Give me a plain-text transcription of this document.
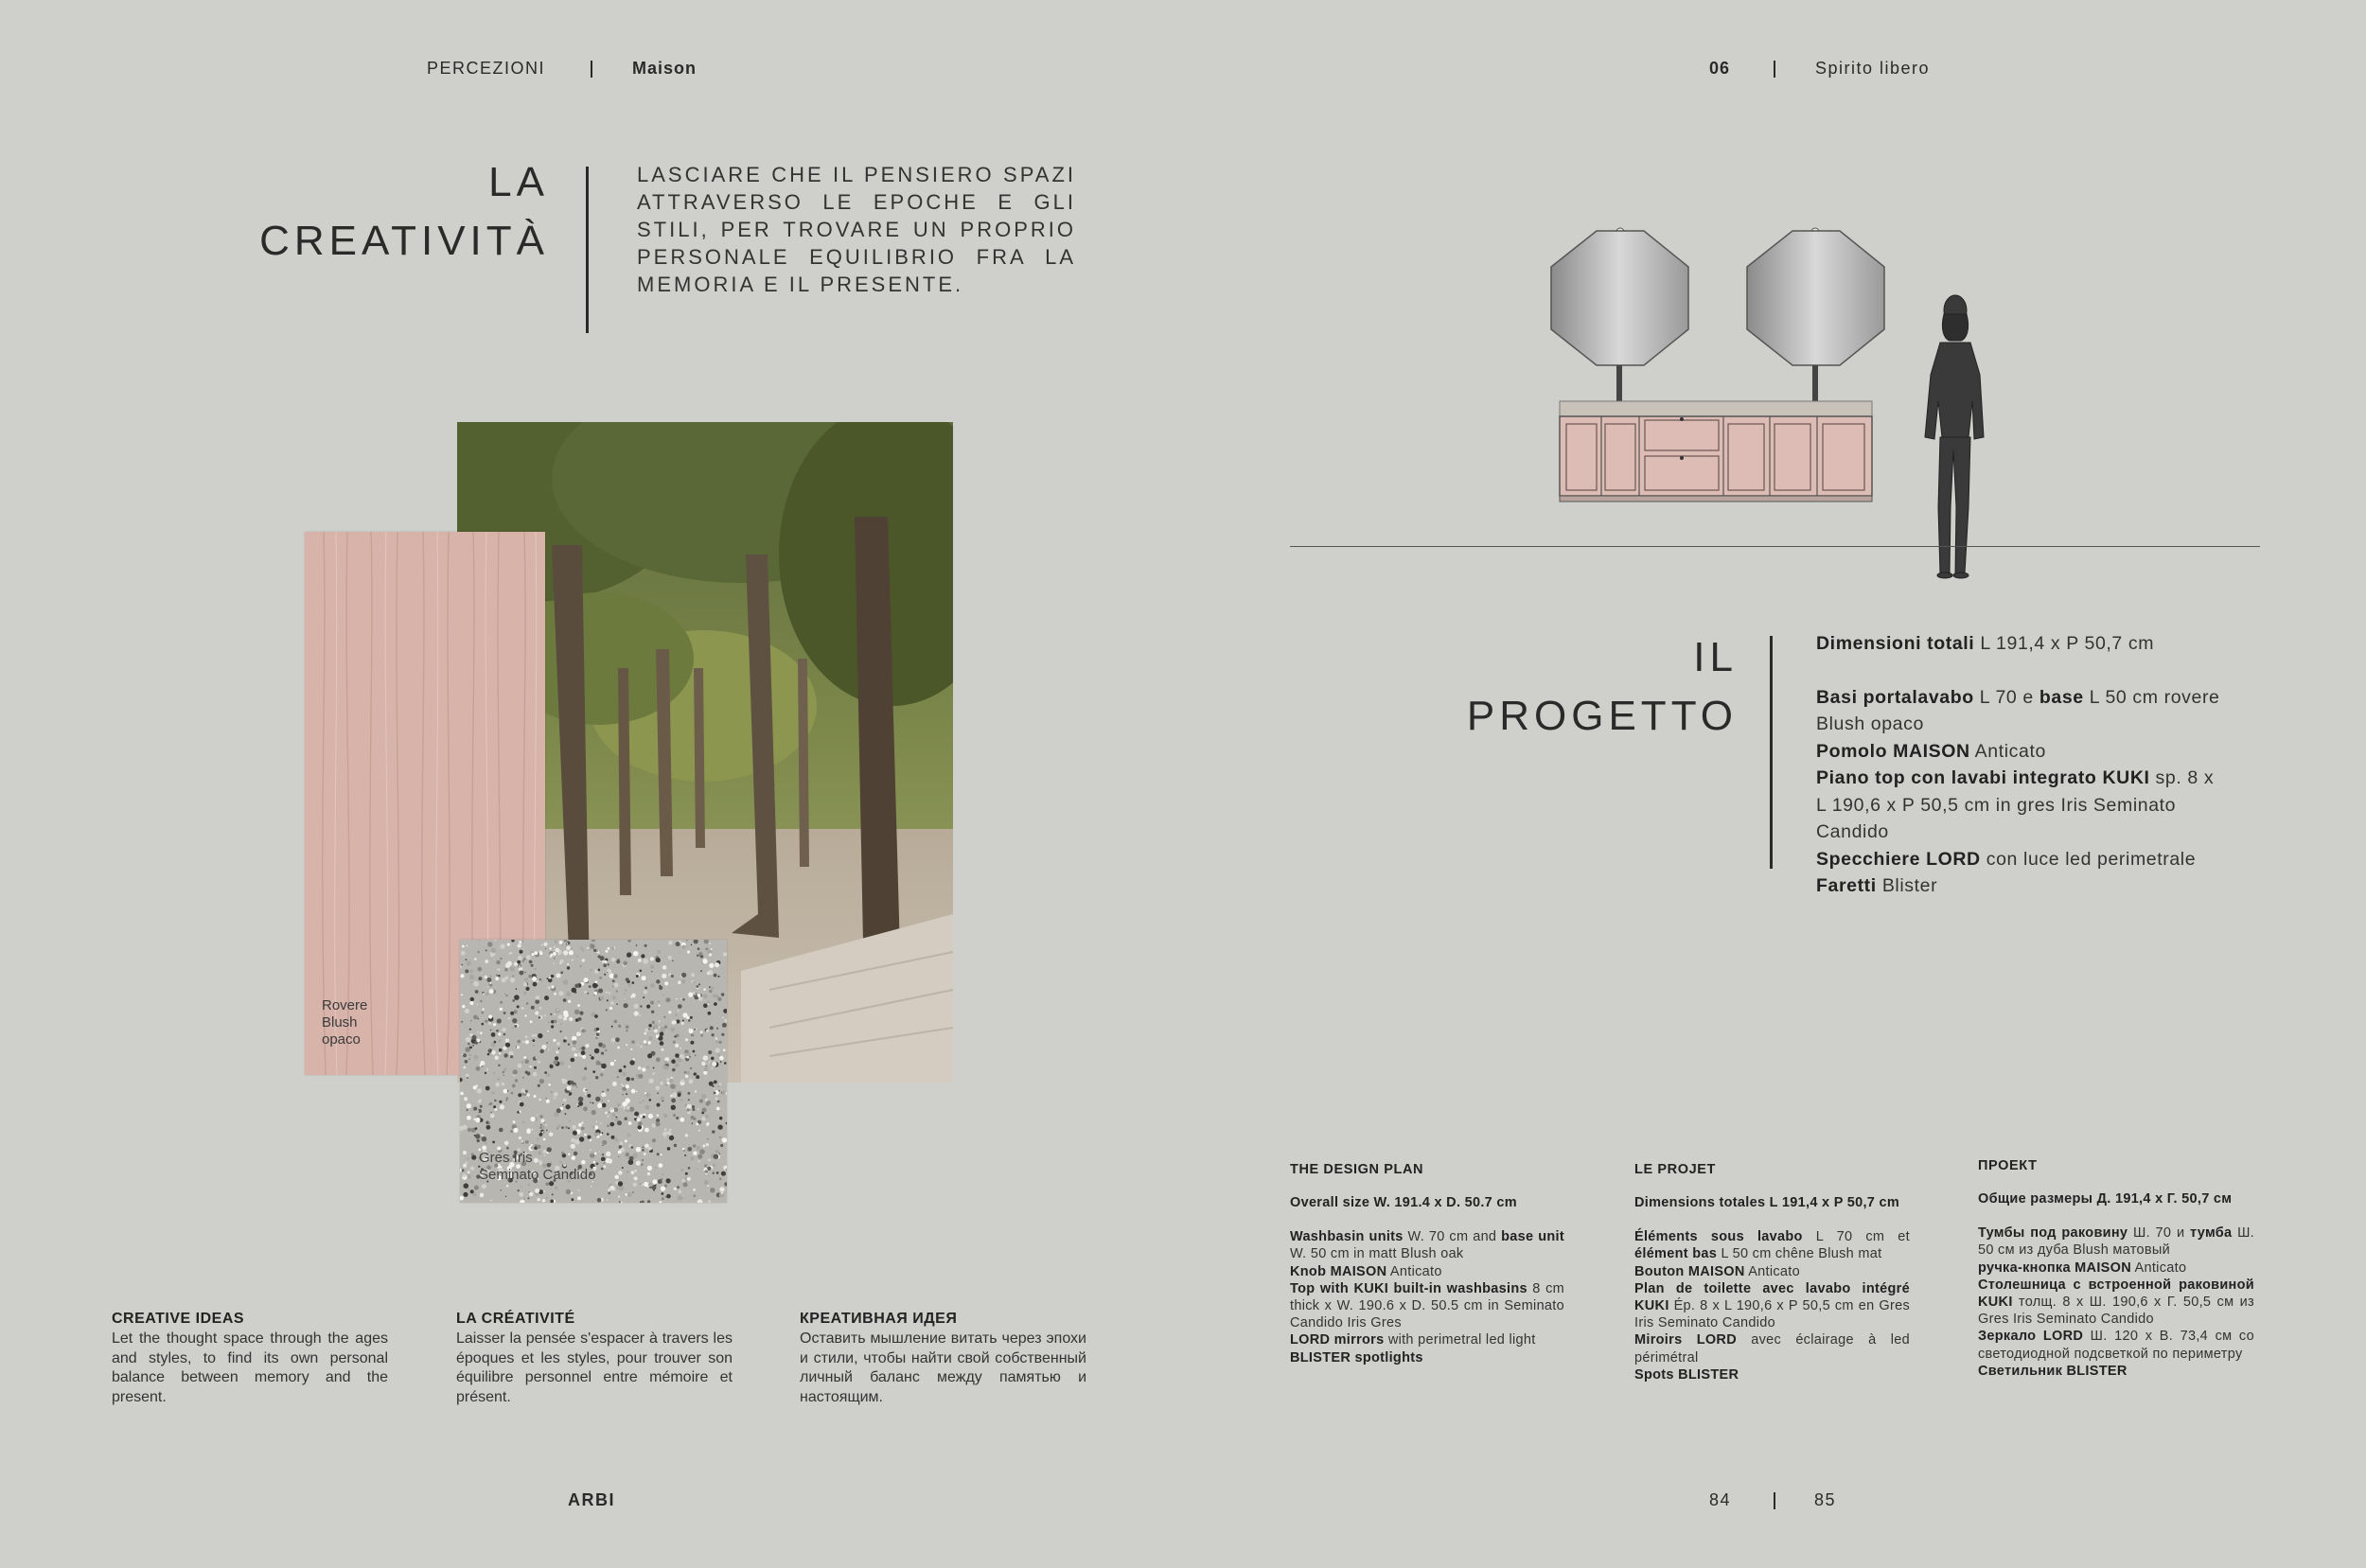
PERCEZIONI	Maison
LA
CREATIVITÀ
LASCIARE CHE IL PENSIERO SPAZI ATTRAVERSO LE EPOCHE E GLI STILI, PER TROVARE UN PROPRIO PERSONALE EQUILIBRIO FRA LA MEMORIA E IL PRESENTE.
Rovere
Blush
opaco
Gres Iris
Seminato Candido
CREATIVE IDEAS
Let the thought space through the ages and styles, to find its own personal balance between memory and the present.
LA CRÉATIVITÉ
Laisser la pensée s'espacer à travers les époques et les styles, pour trouver son équilibre personnel entre mémoire et présent.
КРЕАТИВНАЯ ИДЕЯ
Оставить мышление витать через эпохи и стили, чтобы найти свой собственный личный баланс между памятью и настоящим.
ARBI
06	Spirito libero
IL
PROGETTO

Dimensioni totali L 191,4 x P 50,7 cm

Basi portalavabo L 70 e base L 50 cm rovere Blush opaco

Pomolo MAISON Anticato

Piano top con lavabi integrato KUKI sp. 8 x L 190,6 x P 50,5 cm in gres Iris Seminato Candido

Specchiere LORD con luce led perimetrale

Faretti Blister

THE DESIGN PLAN

Overall size W. 191.4 x D. 50.7 cm

Washbasin units W. 70 cm and base unit W. 50 cm in matt Blush oak

Knob MAISON Anticato

Top with KUKI built-in washbasins 8 cm thick x W. 190.6 x D. 50.5 cm in Seminato Candido Iris Gres

LORD mirrors with perimetral led light

BLISTER spotlights

LE PROJET

Dimensions totales L 191,4 x P 50,7 cm

Éléments sous lavabo L 70 cm et élément bas L 50 cm chêne Blush mat

Bouton MAISON Anticato

Plan de toilette avec lavabo intégré KUKI Ép. 8 x L 190,6 x P 50,5 cm en Gres Iris Seminato Candido

Miroirs LORD avec éclairage à led périmétral

Spots BLISTER

ПРОЕКТ

Общие размеры Д. 191,4 х Г. 50,7 см

Тумбы под раковину Ш. 70 и тумба Ш. 50 см из дуба Blush матовый

ручка-кнопка MAISON Anticato

Столешница с встроенной раковиной KUKI толщ. 8 х Ш. 190,6 х Г. 50,5 см из Gres Iris Seminato Candido

Зеркало LORD Ш. 120 х В. 73,4 см со светодиодной подсветкой по периметру

Светильник BLISTER

84	85
